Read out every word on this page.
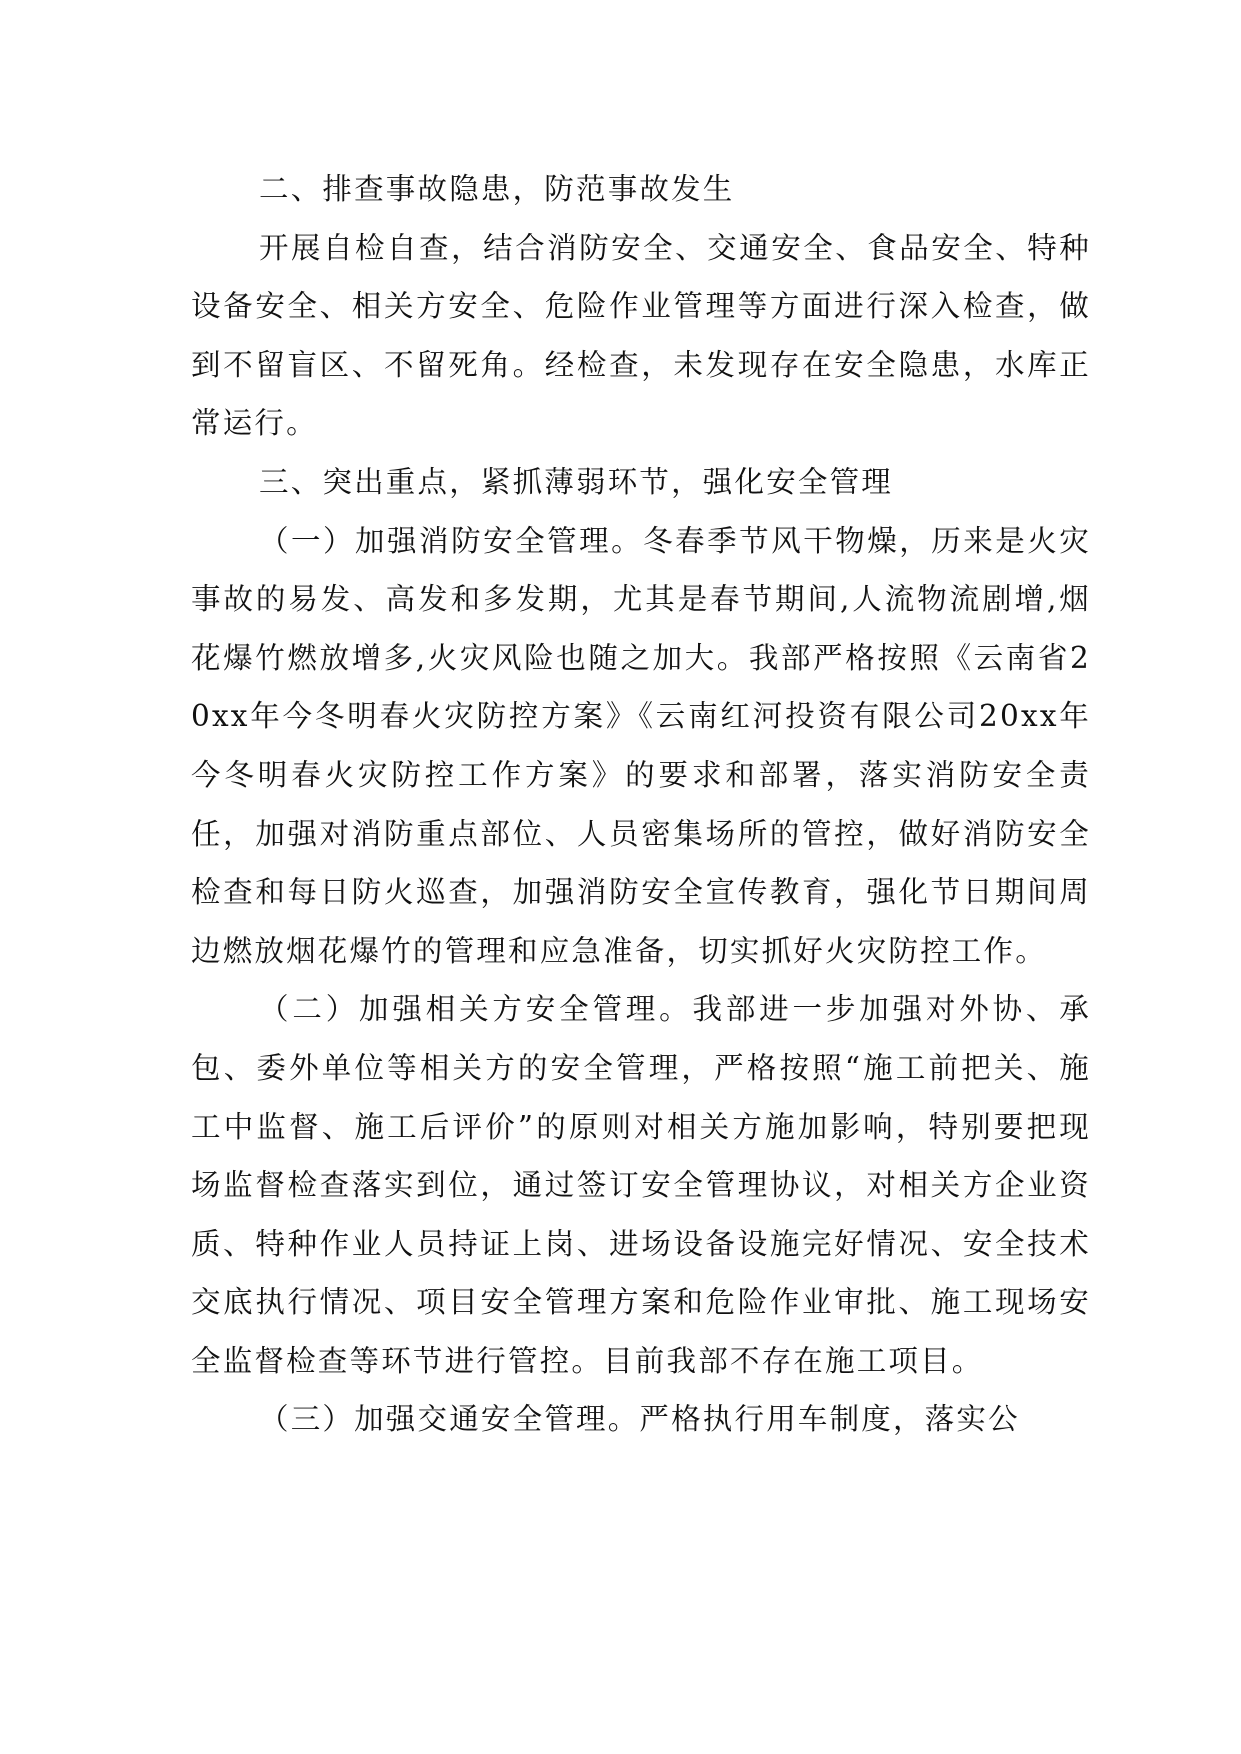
二、排查事故隐患，防范事故发生

开展自检自查，结合消防安全、交通安全、食品安全、特种设备安全、相关方安全、危险作业管理等方面进行深入检查，做到不留盲区、不留死角。经检查，未发现存在安全隐患，水库正常运行。

三、突出重点，紧抓薄弱环节，强化安全管理

（一）加强消防安全管理。冬春季节风干物燥，历来是火灾事故的易发、高发和多发期，尤其是春节期间,人流物流剧增,烟花爆竹燃放增多,火灾风险也随之加大。我部严格按照《云南省20xx年今冬明春火灾防控方案》《云南红河投资有限公司20xx年今冬明春火灾防控工作方案》的要求和部署，落实消防安全责任，加强对消防重点部位、人员密集场所的管控，做好消防安全检查和每日防火巡查，加强消防安全宣传教育，强化节日期间周边燃放烟花爆竹的管理和应急准备，切实抓好火灾防控工作。

（二）加强相关方安全管理。我部进一步加强对外协、承包、委外单位等相关方的安全管理，严格按照“施工前把关、施工中监督、施工后评价”的原则对相关方施加影响，特别要把现场监督检查落实到位，通过签订安全管理协议，对相关方企业资质、特种作业人员持证上岗、进场设备设施完好情况、安全技术交底执行情况、项目安全管理方案和危险作业审批、施工现场安全监督检查等环节进行管控。目前我部不存在施工项目。

（三）加强交通安全管理。严格执行用车制度，落实公
